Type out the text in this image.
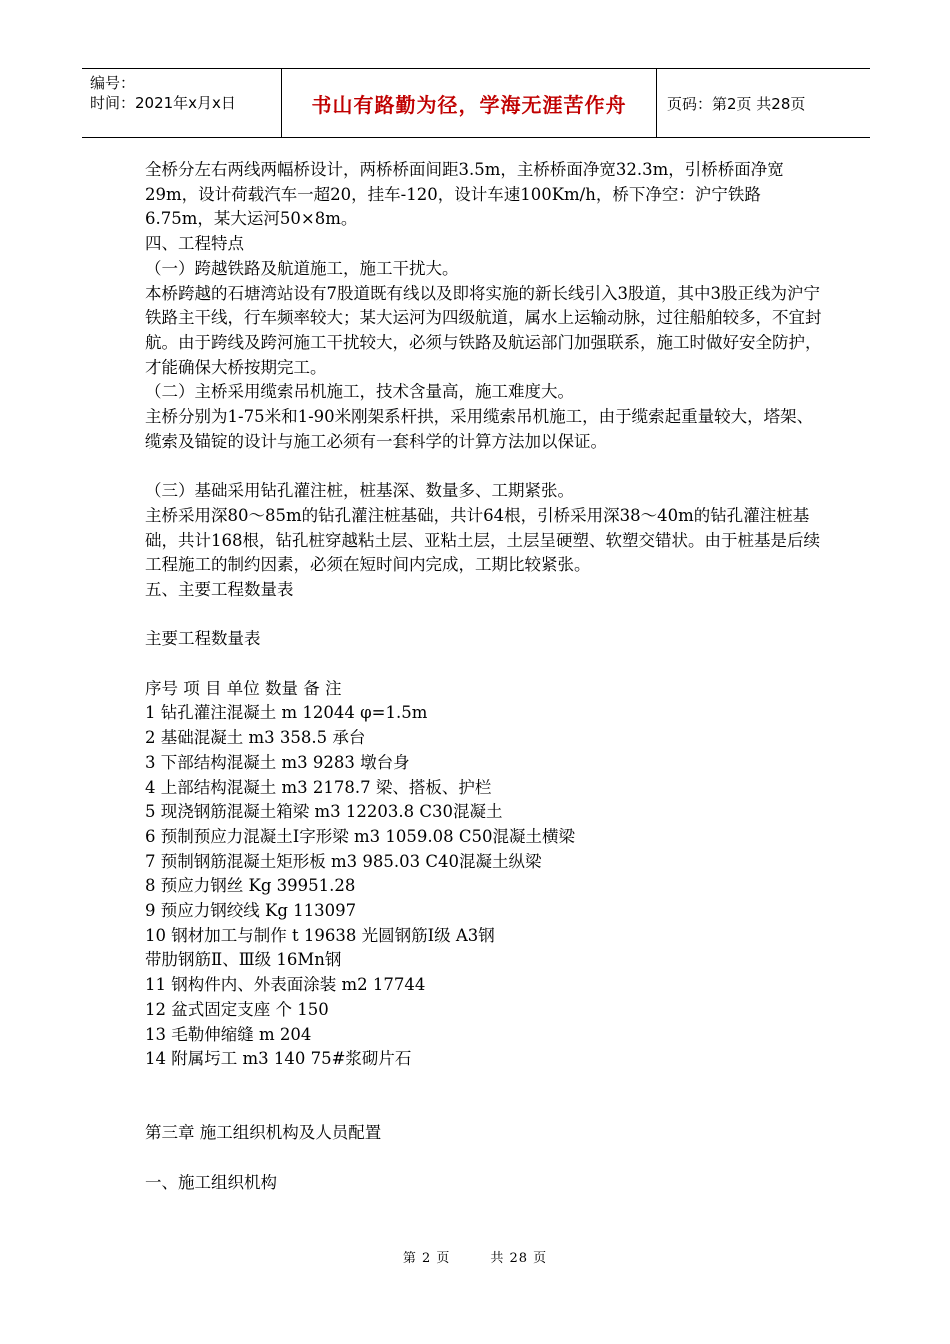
编号：
时间：2021年x月x日	书山有路勤为径，学海无涯苦作舟	页码：第2页 共28页

全桥分左右两线两幅桥设计，两桥桥面间距3.5m，主桥桥面净宽32.3m，引桥桥面净宽29m，设计荷载汽车一超20，挂车-120，设计车速100Km/h，桥下净空：沪宁铁路6.75m，某大运河50×8m。

四、工程特点

（一）跨越铁路及航道施工，施工干扰大。

本桥跨越的石塘湾站设有7股道既有线以及即将实施的新长线引入3股道，其中3股正线为沪宁铁路主干线，行车频率较大；某大运河为四级航道，属水上运输动脉，过往船舶较多，不宜封航。由于跨线及跨河施工干扰较大，必须与铁路及航运部门加强联系，施工时做好安全防护，才能确保大桥按期完工。

（二）主桥采用缆索吊机施工，技术含量高，施工难度大。

主桥分别为1-75米和1-90米刚架系杆拱，采用缆索吊机施工，由于缆索起重量较大，塔架、缆索及锚锭的设计与施工必须有一套科学的计算方法加以保证。

（三）基础采用钻孔灌注桩，桩基深、数量多、工期紧张。

主桥采用深80～85m的钻孔灌注桩基础，共计64根，引桥采用深38～40m的钻孔灌注桩基础，共计168根，钻孔桩穿越粘土层、亚粘土层，土层呈硬塑、软塑交错状。由于桩基是后续工程施工的制约因素，必须在短时间内完成，工期比较紧张。

五、主要工程数量表

主要工程数量表

序号 项 目 单位 数量 备 注

1 钻孔灌注混凝土 m 12044 φ=1.5m

2 基础混凝土 m3 358.5 承台

3 下部结构混凝土 m3 9283 墩台身

4 上部结构混凝土 m3 2178.7 梁、搭板、护栏

5 现浇钢筋混凝土箱梁 m3 12203.8 C30混凝土

6 预制预应力混凝土Ⅰ字形梁 m3 1059.08 C50混凝土横梁

7 预制钢筋混凝土矩形板 m3 985.03 C40混凝土纵梁

8 预应力钢丝 Kg 39951.28

9 预应力钢绞线 Kg 113097

10 钢材加工与制作 t 19638 光圆钢筋Ⅰ级 A3钢

带肋钢筋Ⅱ、Ⅲ级 16Mn钢

11 钢构件内、外表面涂装 m2 17744

12 盆式固定支座 个 150

13 毛勒伸缩缝 m 204

14 附属圬工 m3 140 75#浆砌片石

第三章 施工组织机构及人员配置

一、施工组织机构

第 2 页	共 28 页
